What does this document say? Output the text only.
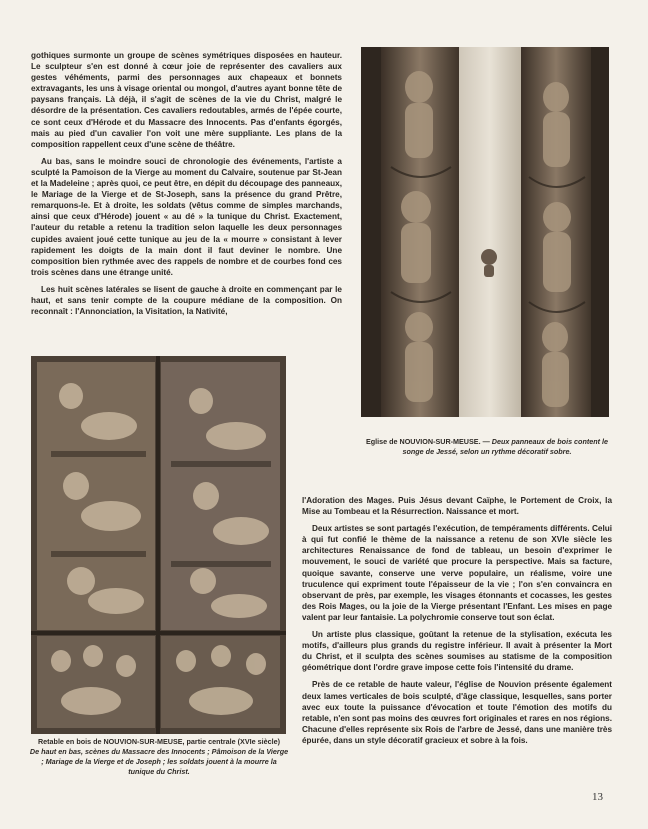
gothiques surmonte un groupe de scènes symétriques disposées en hauteur. Le sculpteur s'en est donné à cœur joie de représenter des cavaliers aux gestes véhéments, parmi des personnages aux chapeaux et bonnets extravagants, les uns à visage oriental ou mongol, d'autres ayant bonne tête de paysans français. Là déjà, il s'agit de scènes de la vie du Christ, malgré le désordre de la présentation. Ces cavaliers redoutables, armés de l'épée courte, ce sont ceux d'Hérode et du Massacre des Innocents. Pas d'enfants égorgés, mais au pied d'un cavalier l'on voit une mère suppliante. Les plans de la composition rappellent ceux d'une scène de théâtre.

Au bas, sans le moindre souci de chronologie des événements, l'artiste a sculpté la Pamoison de la Vierge au moment du Calvaire, soutenue par St-Jean et la Madeleine ; après quoi, ce peut être, en dépit du découpage des panneaux, le Mariage de la Vierge et de St-Joseph, sans la présence du grand Prêtre, remarquons-le. Et à droite, les soldats (vêtus comme de simples marchands, ainsi que ceux d'Hérode) jouent « au dé » la tunique du Christ. Exactement, l'auteur du retable a retenu la tradition selon laquelle les deux personnages cupides avaient joué cette tunique au jeu de la « mourre » consistant à lever rapidement les doigts de la main dont il faut deviner le nombre. Une composition bien rythmée avec des rappels de nombre et de courbes fond ces trois scènes dans une étrange unité.

Les huit scènes latérales se lisent de gauche à droite en commençant par le haut, et sans tenir compte de la coupure médiane de la composition. On reconnaît : l'Annonciation, la Visitation, la Nativité,

Eglise de NOUVION-SUR-MEUSE. — Deux panneaux de bois content le songe de Jessé, selon un rythme décoratif sobre.
Retable en bois de NOUVION-SUR-MEUSE, partie centrale (XVIe siècle)
De haut en bas, scènes du Massacre des Innocents ; Pâmoison de la Vierge ; Mariage de la Vierge et de Joseph ; les soldats jouent à la mourre la tunique du Christ.

l'Adoration des Mages. Puis Jésus devant Caïphe, le Portement de Croix, la Mise au Tombeau et la Résurrection. Naissance et mort.

Deux artistes se sont partagés l'exécution, de tempéraments différents. Celui à qui fut confié le thème de la naissance a retenu de son XVIe siècle les architectures Renaissance de fond de tableau, un besoin d'exprimer le mouvement, le souci de variété que procure la perspective. Mais sa facture, quoique savante, conserve une verve populaire, un réalisme, voire une truculence qui expriment toute l'épaisseur de la vie ; l'on s'en convaincra en observant de près, par exemple, les visages étonnants et cocasses, les gestes des Rois Mages, ou la joie de la Vierge présentant l'Enfant. Les mises en page valent par leur fantaisie. La polychromie conserve tout son éclat.

Un artiste plus classique, goûtant la retenue de la stylisation, exécuta les motifs, d'ailleurs plus grands du registre inférieur. Il avait à présenter la Mort du Christ, et il sculpta des scènes soumises au statisme de la composition géométrique dont l'ordre grave impose cette fois l'intensité du drame.

Près de ce retable de haute valeur, l'église de Nouvion présente également deux lames verticales de bois sculpté, d'âge classique, lesquelles, sans porter avec eux toute la puissance d'évocation et toute l'émotion des motifs du retable, n'en sont pas moins des œuvres fort originales et rares en nos régions. Chacune d'elles représente six Rois de l'arbre de Jessé, dans une manière très épurée, dans un style décoratif gracieux et sobre à la fois.

13
